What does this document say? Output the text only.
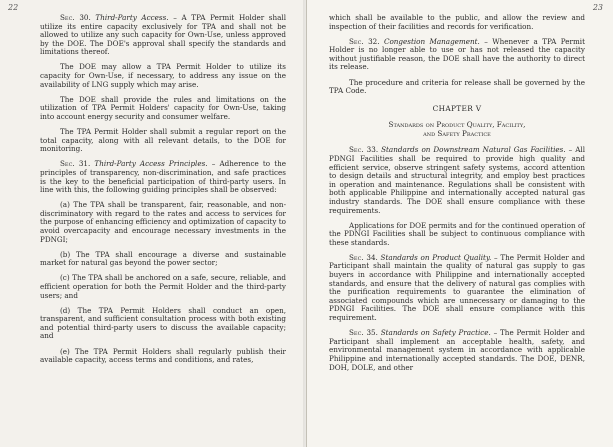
22

Sec. 30. Third-Party Access. – A TPA Permit Holder shall utilize its entire capacity exclusively for TPA and shall not be allowed to utilize any such capacity for Own-Use, unless approved by the DOE. The DOE's approval shall specify the standards and limitations thereof.

The DOE may allow a TPA Permit Holder to utilize its capacity for Own-Use, if necessary, to address any issue on the availability of LNG supply which may arise.

The DOE shall provide the rules and limitations on the utilization of TPA Permit Holders' capacity for Own-Use, taking into account energy security and consumer welfare.

The TPA Permit Holder shall submit a regular report on the total capacity, along with all relevant details, to the DOE for monitoring.

Sec. 31. Third-Party Access Principles. – Adherence to the principles of transparency, non-discrimination, and safe practices is the key to the beneficial participation of third-party users. In line with this, the following guiding principles shall be observed:

(a) The TPA shall be transparent, fair, reasonable, and non-discriminatory with regard to the rates and access to services for the purpose of enhancing efficiency and optimization of capacity to avoid overcapacity and encourage necessary investments in the PDNGI;

(b) The TPA shall encourage a diverse and sustainable market for natural gas beyond the power sector;

(c) The TPA shall be anchored on a safe, secure, reliable, and efficient operation for both the Permit Holder and the third-party users; and

(d) The TPA Permit Holders shall conduct an open, transparent, and sufficient consultation process with both existing and potential third-party users to discuss the available capacity; and

(e) The TPA Permit Holders shall regularly publish their available capacity, access terms and conditions, and rates,

23

which shall be available to the public, and allow the review and inspection of their facilities and records for verification.

Sec. 32. Congestion Management. – Whenever a TPA Permit Holder is no longer able to use or has not released the capacity without justifiable reason, the DOE shall have the authority to direct its release.

The procedure and criteria for release shall be governed by the TPA Code.

CHAPTER V
Standards on Product Quality, Facility,
and Safety Practice

Sec. 33. Standards on Downstream Natural Gas Facilities. – All PDNGI Facilities shall be required to provide high quality and efficient service, observe stringent safety systems, accord attention to design details and structural integrity, and employ best practices in operation and maintenance. Regulations shall be consistent with both applicable Philippine and internationally accepted natural gas industry standards. The DOE shall ensure compliance with these requirements.

Applications for DOE permits and for the continued operation of the PDNGI Facilities shall be subject to continuous compliance with these standards.

Sec. 34. Standards on Product Quality. – The Permit Holder and Participant shall maintain the quality of natural gas supply to gas buyers in accordance with Philippine and internationally accepted standards, and ensure that the delivery of natural gas complies with the purification requirements to guarantee the elimination of associated compounds which are unnecessary or damaging to the PDNGI Facilities. The DOE shall ensure compliance with this requirement.

Sec. 35. Standards on Safety Practice. – The Permit Holder and Participant shall implement an acceptable health, safety, and environmental management system in accordance with applicable Philippine and internationally accepted standards. The DOE, DENR, DOH, DOLE, and other
